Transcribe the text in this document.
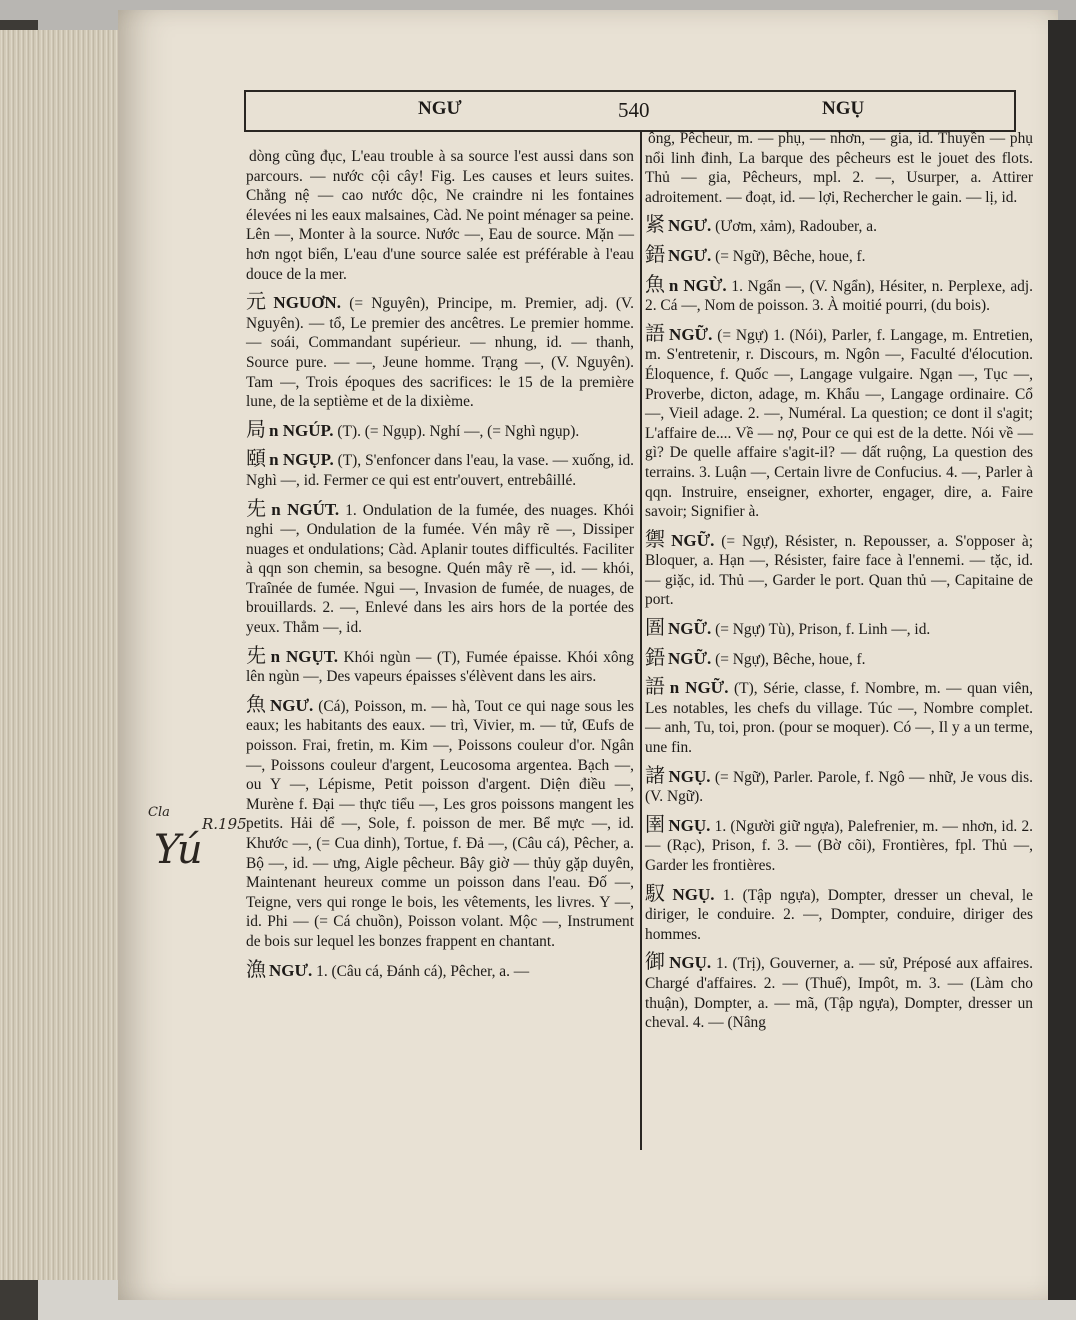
NGƯ	540	NGỤ
Cla
Yú
R.195
dòng cũng đục, L'eau trouble à sa source l'est aussi dans son parcours. — nước cội cây! Fig. Les causes et leurs suites. Chẳng nệ — cao nước dộc, Ne craindre ni les fontaines élevées ni les eaux malsaines, Càd. Ne point ménager sa peine. Lên —, Monter à la source. Nước —, Eau de source. Mặn — hơn ngọt biển, L'eau d'une source salée est préférable à l'eau douce de la mer.
元 NGUƠN. (= Nguyên), Principe, m. Premier, adj. (V. Nguyên). — tổ, Le premier des ancêtres. Le premier homme. — soái, Commandant supérieur. — nhung, id. — thanh, Source pure. — —, Jeune homme. Trạng —, (V. Nguyên). Tam —, Trois époques des sacrifices: le 15 de la première lune, de la septième et de la dixième.
局 n NGÚP. (T). (= Ngụp). Nghí —, (= Nghì ngụp).
頤 n NGỤP. (T), S'enfoncer dans l'eau, la vase. — xuống, id. Nghì —, id. Fermer ce qui est entr'ouvert, entrebâillé.
兂 n NGÚT. 1. Ondulation de la fumée, des nuages. Khói nghi —, Ondulation de la fumée. Vén mây rẽ —, Dissiper nuages et ondulations; Càd. Aplanir toutes difficultés. Faciliter à qqn son chemin, sa besogne. Quén mây rẽ —, id. — khói, Traînée de fumée. Ngui —, Invasion de fumée, de nuages, de brouillards. 2. —, Enlevé dans les airs hors de la portée des yeux. Thẳm —, id.
兂 n NGỤT. Khói ngùn — (T), Fumée épaisse. Khói xông lên ngùn —, Des vapeurs épaisses s'élèvent dans les airs.
魚 NGƯ. (Cá), Poisson, m. — hà, Tout ce qui nage sous les eaux; les habitants des eaux. — trì, Vivier, m. — tử, Œufs de poisson. Frai, fretin, m. Kim —, Poissons couleur d'or. Ngân —, Poissons couleur d'argent, Leucosoma argentea. Bạch —, ou Y —, Lépisme, Petit poisson d'argent. Diện điều —, Murène f. Đại — thực tiểu —, Les gros poissons mangent les petits. Hải dể —, Sole, f. poisson de mer. Bể mực —, id. Khước —, (= Cua dinh), Tortue, f. Đả —, (Câu cá), Pêcher, a. Bộ —, id. — ưng, Aigle pêcheur. Bây giờ — thủy gặp duyên, Maintenant heureux comme un poisson dans l'eau. Đố —, Teigne, vers qui ronge le bois, les vêtements, les livres. Y —, id. Phi — (= Cá chuồn), Poisson volant. Mộc —, Instrument de bois sur lequel les bonzes frappent en chantant.
漁 NGƯ. 1. (Câu cá, Đánh cá), Pêcher, a. —
ông, Pêcheur, m. — phụ, — nhơn, — gia, id. Thuyền — phụ nổi linh đinh, La barque des pêcheurs est le jouet des flots. Thủ — gia, Pêcheurs, mpl. 2. —, Usurper, a. Attirer adroitement. — đoạt, id. — lợi, Rechercher le gain. — lị, id.
紧 NGƯ. (Ươm, xảm), Radouber, a.
鋙 NGƯ. (= Ngữ), Bêche, houe, f.
魚 n NGỪ. 1. Ngẩn —, (V. Ngẩn), Hésiter, n. Perplexe, adj. 2. Cá —, Nom de poisson. 3. À moitié pourri, (du bois).
語 NGỮ. (= Ngự) 1. (Nói), Parler, f. Langage, m. Entretien, m. S'entretenir, r. Discours, m. Ngôn —, Faculté d'élocution. Éloquence, f. Quốc —, Langage vulgaire. Ngạn —, Tục —, Proverbe, dicton, adage, m. Khẩu —, Langage ordinaire. Cổ —, Vieil adage. 2. —, Numéral. La question; ce dont il s'agit; L'affaire de.... Về — nợ, Pour ce qui est de la dette. Nói về — gì? De quelle affaire s'agit-il? — dất ruộng, La question des terrains. 3. Luận —, Certain livre de Confucius. 4. —, Parler à qqn. Instruire, enseigner, exhorter, engager, dire, a. Faire savoir; Signifier à.
禦 NGỮ. (= Ngự), Résister, n. Repousser, a. S'opposer à; Bloquer, a. Hạn —, Résister, faire face à l'ennemi. — tặc, id. — giặc, id. Thủ —, Garder le port. Quan thủ —, Capitaine de port.
圄 NGỮ. (= Ngự) Tù), Prison, f. Linh —, id.
鋙 NGỮ. (= Ngự), Bêche, houe, f.
語 n NGỮ. (T), Série, classe, f. Nombre, m. — quan viên, Les notables, les chefs du village. Túc —, Nombre complet. — anh, Tu, toi, pron. (pour se moquer). Có —, Il y a un terme, une fin.
諸 NGỤ. (= Ngữ), Parler. Parole, f. Ngô — nhữ, Je vous dis. (V. Ngữ).
圉 NGỤ. 1. (Người giữ ngựa), Palefrenier, m. — nhơn, id. 2. — (Rạc), Prison, f. 3. — (Bờ cõi), Frontières, fpl. Thủ —, Garder les frontières.
馭 NGỤ. 1. (Tập ngựa), Dompter, dresser un cheval, le diriger, le conduire. 2. —, Dompter, conduire, diriger des hommes.
御 NGỤ. 1. (Trị), Gouverner, a. — sử, Préposé aux affaires. Chargé d'affaires. 2. — (Thuế), Impôt, m. 3. — (Làm cho thuận), Dompter, a. — mã, (Tập ngựa), Dompter, dresser un cheval. 4. — (Nâng
